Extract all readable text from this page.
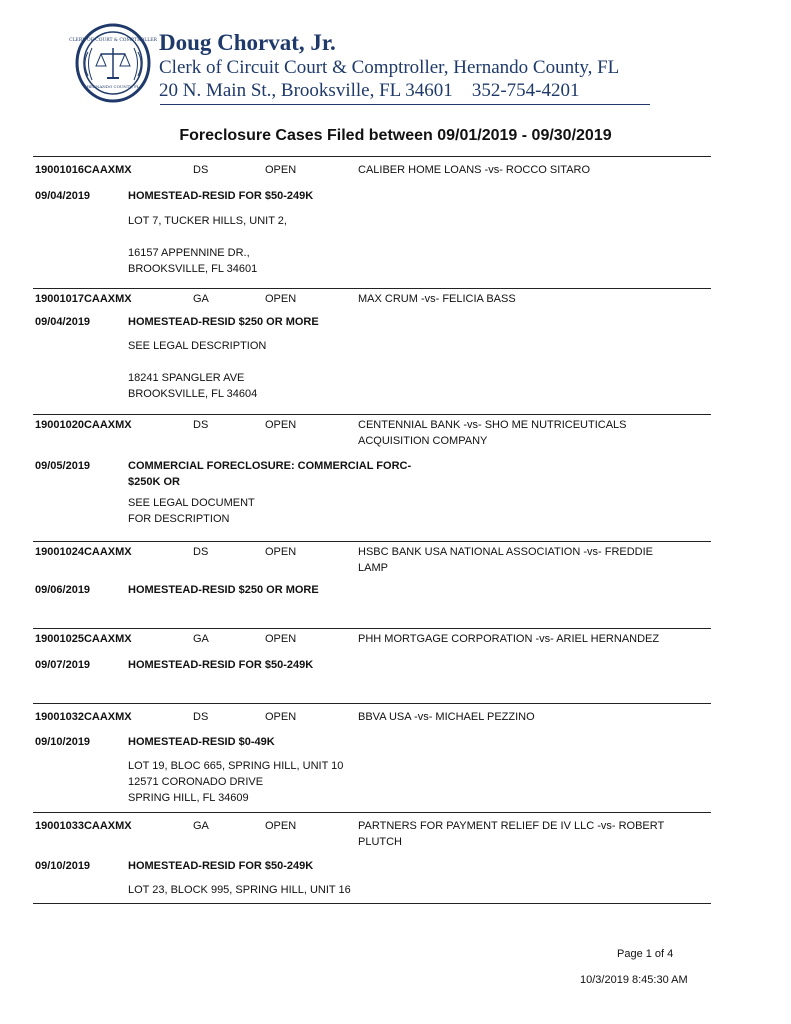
CLERK OF COURT & COMPTROLLER
HERNANDO COUNTY, FL
Doug Chorvat, Jr.
Clerk of Circuit Court & Comptroller, Hernando County, FL
20 N. Main St., Brooksville, FL 34601 352-754-4201
Foreclosure Cases Filed between 09/01/2019 - 09/30/2019
19001016CAAXMX	DS	OPEN	CALIBER HOME LOANS -vs- ROCCO SITARO
09/04/2019	HOMESTEAD-RESID FOR $50-249K
LOT 7, TUCKER HILLS, UNIT 2,
16157 APPENNINE DR.,
BROOKSVILLE, FL 34601
19001017CAAXMX	GA	OPEN	MAX CRUM -vs- FELICIA BASS
09/04/2019	HOMESTEAD-RESID $250 OR MORE
SEE LEGAL DESCRIPTION
18241 SPANGLER AVE
BROOKSVILLE, FL 34604
19001020CAAXMX	DS	OPEN	CENTENNIAL BANK -vs- SHO ME NUTRICEUTICALS
ACQUISITION COMPANY
09/05/2019	COMMERCIAL FORECLOSURE: COMMERCIAL FORC-
$250K OR
SEE LEGAL DOCUMENT
FOR DESCRIPTION
19001024CAAXMX	DS	OPEN	HSBC BANK USA NATIONAL ASSOCIATION -vs- FREDDIE
LAMP
09/06/2019	HOMESTEAD-RESID $250 OR MORE
19001025CAAXMX	GA	OPEN	PHH MORTGAGE CORPORATION -vs- ARIEL HERNANDEZ
09/07/2019	HOMESTEAD-RESID FOR $50-249K
19001032CAAXMX	DS	OPEN	BBVA USA -vs- MICHAEL PEZZINO
09/10/2019	HOMESTEAD-RESID $0-49K
LOT 19, BLOC 665, SPRING HILL, UNIT 10
12571 CORONADO DRIVE
SPRING HILL, FL 34609
19001033CAAXMX	GA	OPEN	PARTNERS FOR PAYMENT RELIEF DE IV LLC -vs- ROBERT
PLUTCH
09/10/2019	HOMESTEAD-RESID FOR $50-249K
LOT 23, BLOCK 995, SPRING HILL, UNIT 16
Page 1 of 4
10/3/2019 8:45:30 AM
